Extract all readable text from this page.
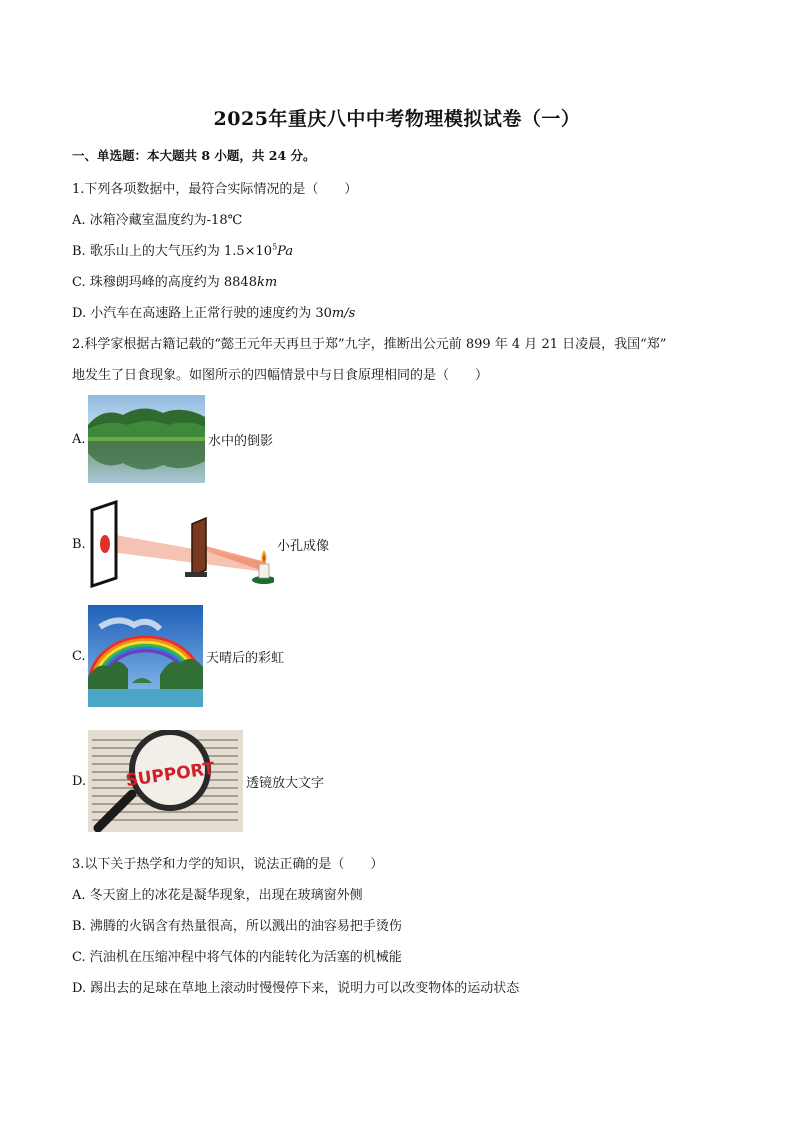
2025年重庆八中中考物理模拟试卷（一）
一、单选题：本大题共 8 小题，共 24 分。
1.下列各项数据中，最符合实际情况的是（　　）
A. 冰箱冷藏室温度约为-18℃
B. 歌乐山上的大气压约为 $1.5\times 10^5Pa$
C. 珠穆朗玛峰的高度约为 8848km
D. 小汽车在高速路上正常行驶的速度约为 30m/s
2.科学家根据古籍记载的“懿王元年天再旦于郑”九字，推断出公元前 899 年 4 月 21 日凌晨，我国“郑”
地发生了日食现象。如图所示的四幅情景中与日食原理相同的是（　　）
A.	水中的倒影
B.	小孔成像
C.	天晴后的彩虹
D. SUPPORT 透镜放大文字
3.以下关于热学和力学的知识，说法正确的是（　　）
A. 冬天窗上的冰花是凝华现象，出现在玻璃窗外侧
B. 沸腾的火锅含有热量很高，所以溅出的油容易把手烫伤
C. 汽油机在压缩冲程中将气体的内能转化为活塞的机械能
D. 踢出去的足球在草地上滚动时慢慢停下来，说明力可以改变物体的运动状态
